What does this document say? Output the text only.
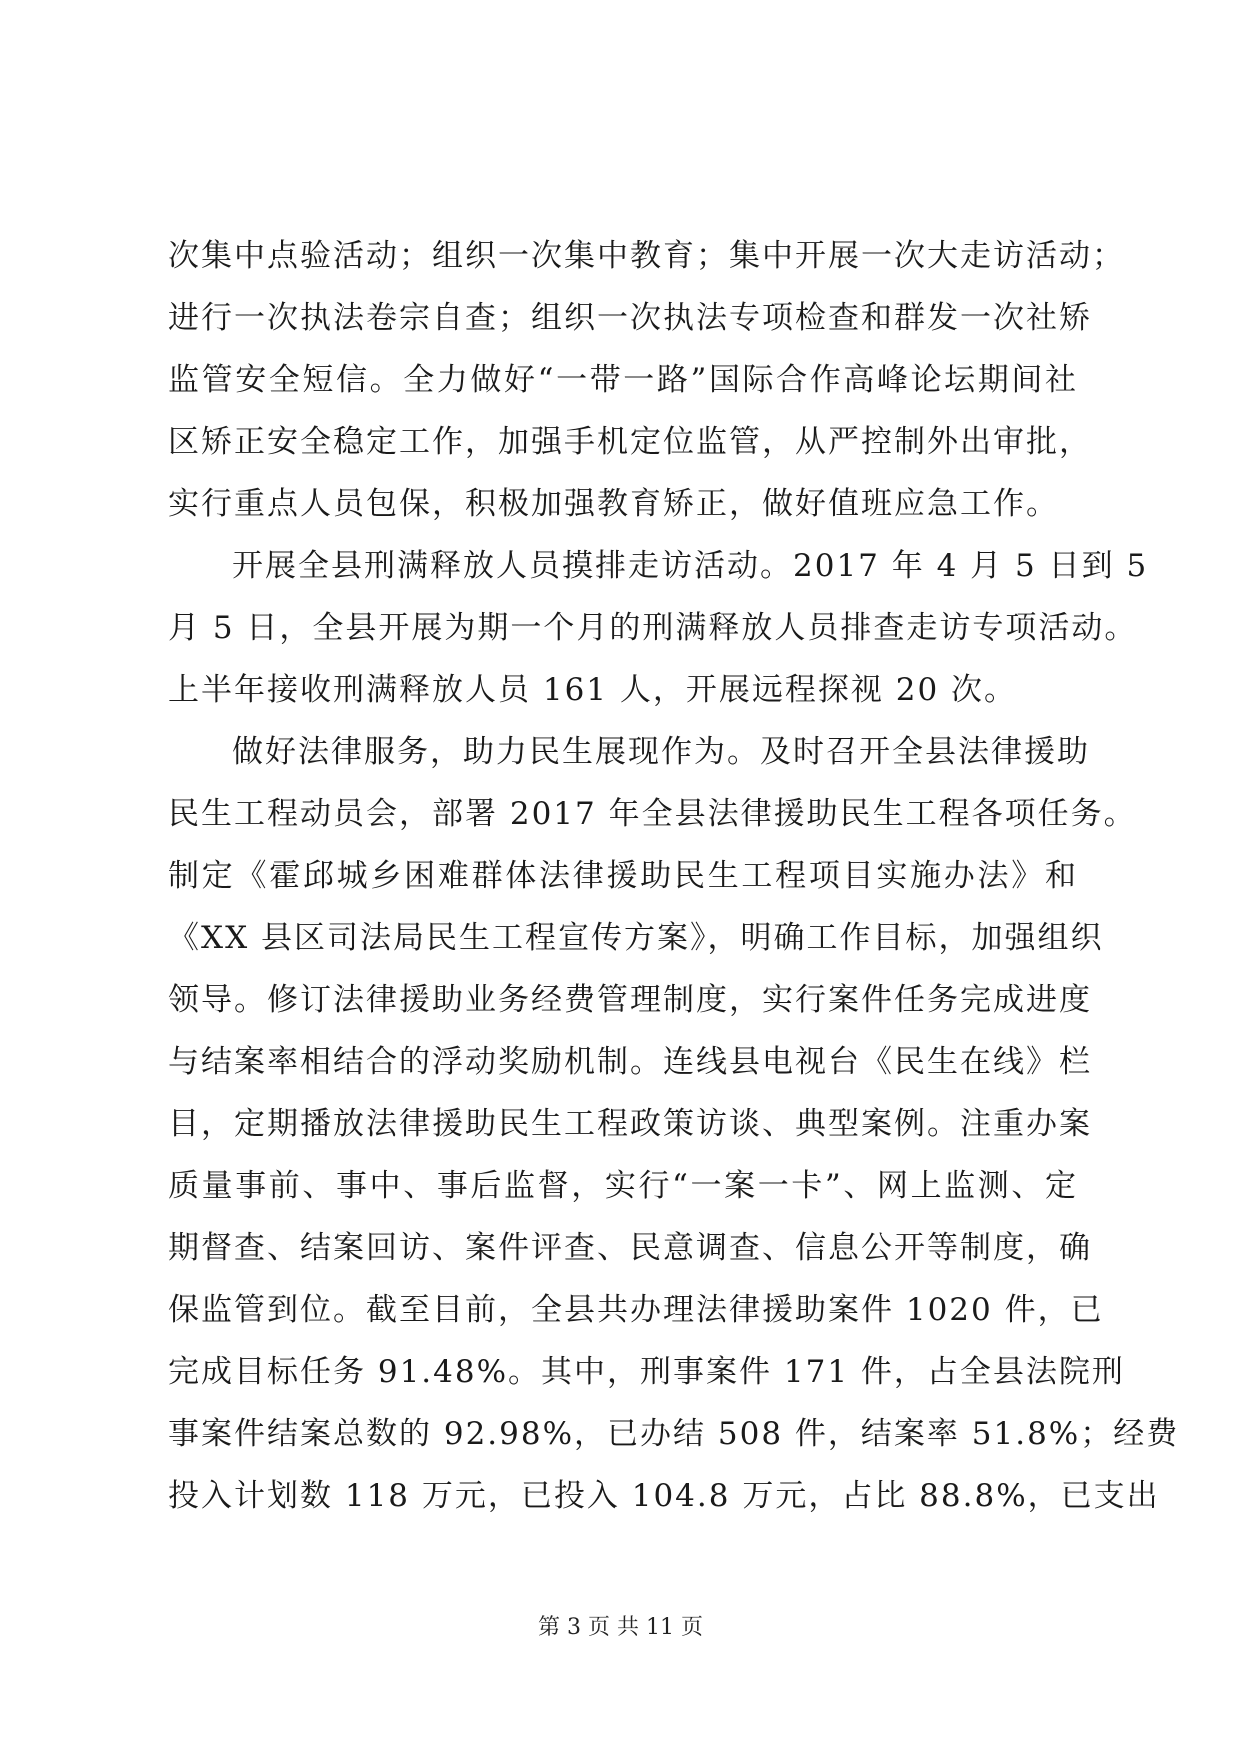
次集中点验活动；组织一次集中教育；集中开展一次大走访活动；
进行一次执法卷宗自查；组织一次执法专项检查和群发一次社矫
监管安全短信。全力做好“一带一路”国际合作高峰论坛期间社
区矫正安全稳定工作，加强手机定位监管，从严控制外出审批，
实行重点人员包保，积极加强教育矫正，做好值班应急工作。
开展全县刑满释放人员摸排走访活动。2017 年 4 月 5 日到 5
月 5 日，全县开展为期一个月的刑满释放人员排查走访专项活动。
上半年接收刑满释放人员 161 人，开展远程探视 20 次。
做好法律服务，助力民生展现作为。及时召开全县法律援助
民生工程动员会，部署 2017 年全县法律援助民生工程各项任务。
制定《霍邱城乡困难群体法律援助民生工程项目实施办法》和
《XX 县区司法局民生工程宣传方案》，明确工作目标，加强组织
领导。修订法律援助业务经费管理制度，实行案件任务完成进度
与结案率相结合的浮动奖励机制。连线县电视台《民生在线》栏
目，定期播放法律援助民生工程政策访谈、典型案例。注重办案
质量事前、事中、事后监督，实行“一案一卡”、网上监测、定
期督查、结案回访、案件评查、民意调查、信息公开等制度，确
保监管到位。截至目前，全县共办理法律援助案件 1020 件，已
完成目标任务 91.48%。其中，刑事案件 171 件，占全县法院刑
事案件结案总数的 92.98%，已办结 508 件，结案率 51.8%；经费
投入计划数 118 万元，已投入 104.8 万元，占比 88.8%，已支出
第 3 页 共 11 页
